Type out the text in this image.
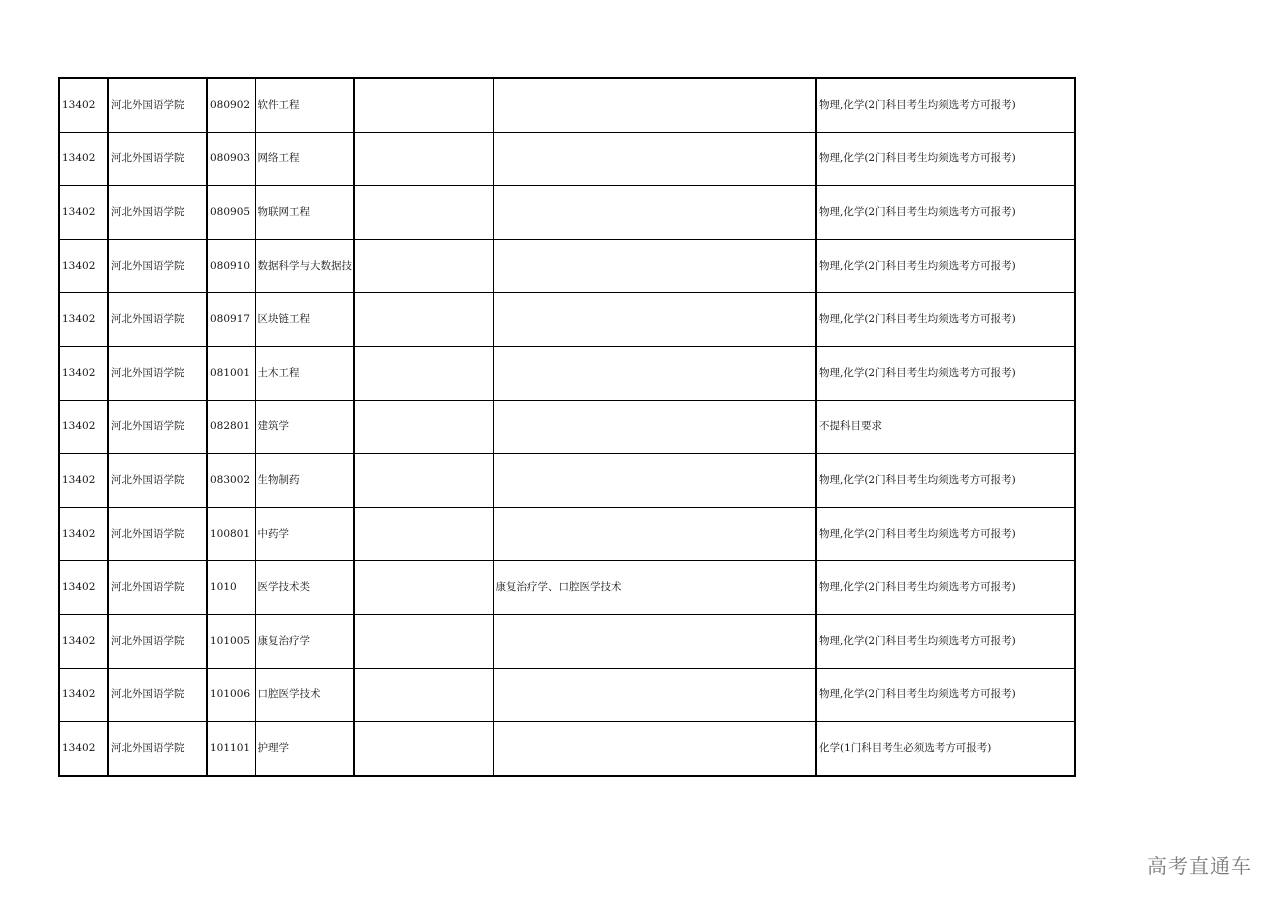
13402	河北外国语学院	080902	软件工程			物理,化学(2门科目考生均须选考方可报考)
13402	河北外国语学院	080903	网络工程			物理,化学(2门科目考生均须选考方可报考)
13402	河北外国语学院	080905	物联网工程			物理,化学(2门科目考生均须选考方可报考)
13402	河北外国语学院	080910	数据科学与大数据技			物理,化学(2门科目考生均须选考方可报考)
13402	河北外国语学院	080917	区块链工程			物理,化学(2门科目考生均须选考方可报考)
13402	河北外国语学院	081001	土木工程			物理,化学(2门科目考生均须选考方可报考)
13402	河北外国语学院	082801	建筑学			不提科目要求
13402	河北外国语学院	083002	生物制药			物理,化学(2门科目考生均须选考方可报考)
13402	河北外国语学院	100801	中药学			物理,化学(2门科目考生均须选考方可报考)
13402	河北外国语学院	1010	医学技术类		康复治疗学、口腔医学技术	物理,化学(2门科目考生均须选考方可报考)
13402	河北外国语学院	101005	康复治疗学			物理,化学(2门科目考生均须选考方可报考)
13402	河北外国语学院	101006	口腔医学技术			物理,化学(2门科目考生均须选考方可报考)
13402	河北外国语学院	101101	护理学			化学(1门科目考生必须选考方可报考)
高考直通车
